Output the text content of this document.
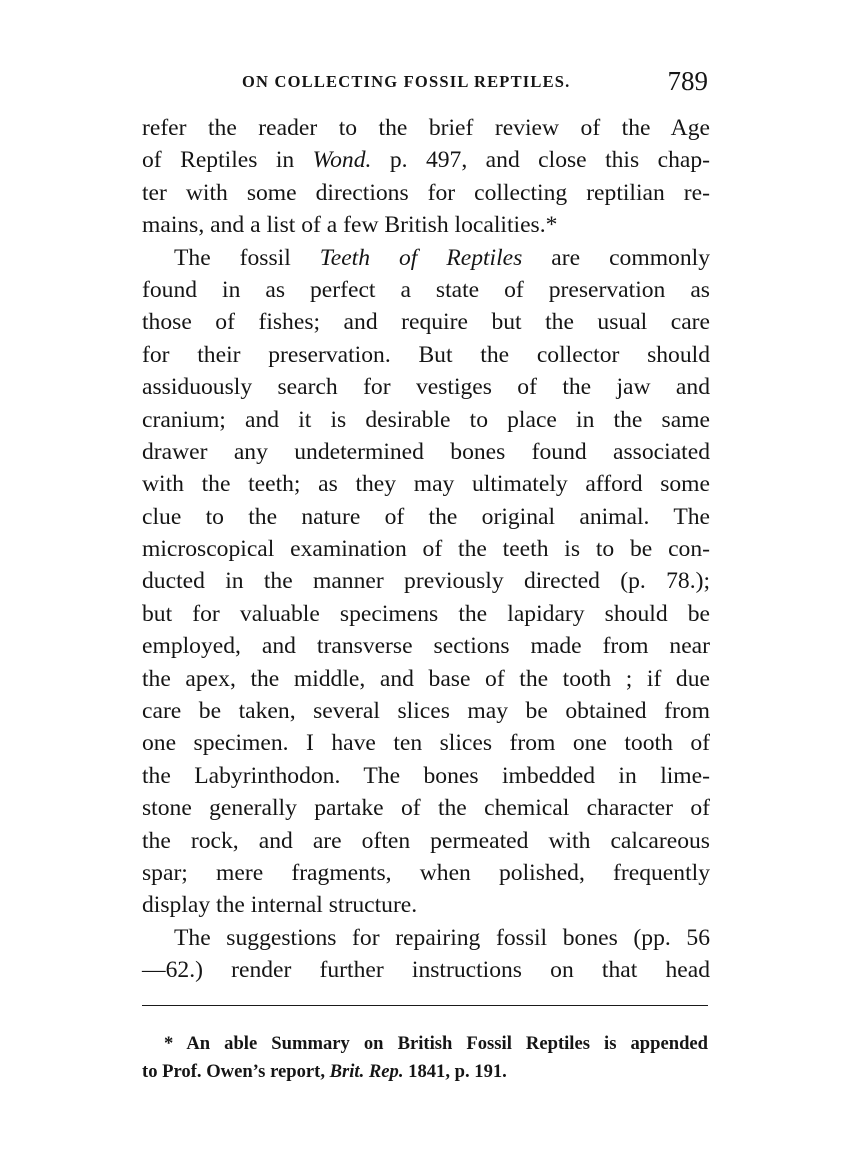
ON COLLECTING FOSSIL REPTILES.	789
refer the reader to the brief review of the Age
of Reptiles in Wond. p. 497, and close this chap-
ter with some directions for collecting reptilian re-
mains, and a list of a few British localities.*
The fossil Teeth of Reptiles are commonly
found in as perfect a state of preservation as
those of fishes; and require but the usual care
for their preservation. But the collector should
assiduously search for vestiges of the jaw and
cranium; and it is desirable to place in the same
drawer any undetermined bones found associated
with the teeth; as they may ultimately afford some
clue to the nature of the original animal. The
microscopical examination of the teeth is to be con-
ducted in the manner previously directed (p. 78.);
but for valuable specimens the lapidary should be
employed, and transverse sections made from near
the apex, the middle, and base of the tooth ; if due
care be taken, several slices may be obtained from
one specimen. I have ten slices from one tooth of
the Labyrinthodon. The bones imbedded in lime-
stone generally partake of the chemical character of
the rock, and are often permeated with calcareous
spar; mere fragments, when polished, frequently
display the internal structure.
The suggestions for repairing fossil bones (pp. 56
—62.) render further instructions on that head
* An able Summary on British Fossil Reptiles is appended
to Prof. Owen’s report, Brit. Rep. 1841, p. 191.
